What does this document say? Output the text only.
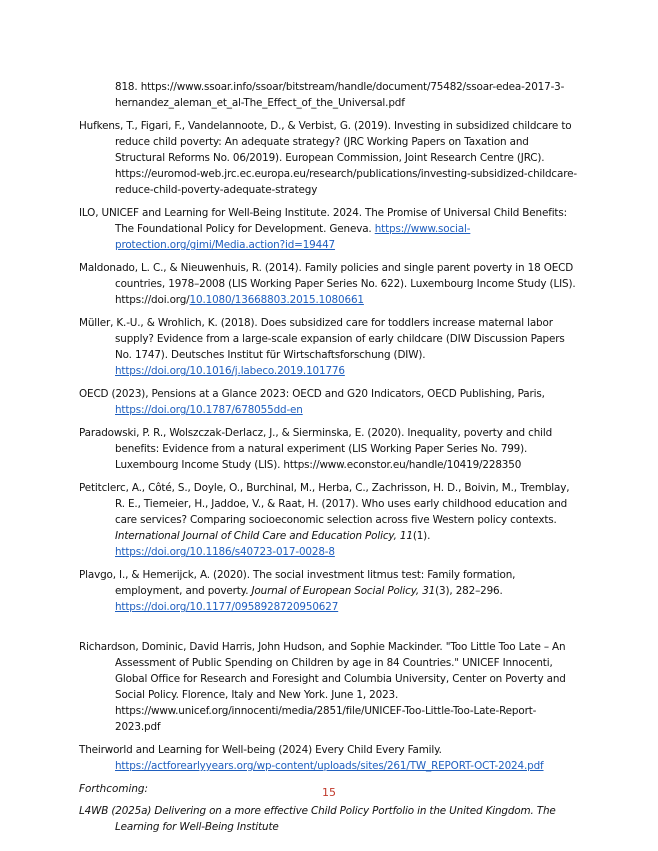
818. https://www.ssoar.info/ssoar/bitstream/handle/document/75482/ssoar-edea-2017-3-hernandez_aleman_et_al-The_Effect_of_the_Universal.pdf

Hufkens, T., Figari, F., Vandelannoote, D., & Verbist, G. (2019). Investing in subsidized childcare to reduce child poverty: An adequate strategy? (JRC Working Papers on Taxation and Structural Reforms No. 06/2019). European Commission, Joint Research Centre (JRC). https://euromod-web.jrc.ec.europa.eu/research/publications/investing-subsidized-childcare-reduce-child-poverty-adequate-strategy

ILO, UNICEF and Learning for Well-Being Institute. 2024. The Promise of Universal Child Benefits: The Foundational Policy for Development. Geneva. https://www.social-protection.org/gimi/Media.action?id=19447

Maldonado, L. C., & Nieuwenhuis, R. (2014). Family policies and single parent poverty in 18 OECD countries, 1978–2008 (LIS Working Paper Series No. 622). Luxembourg Income Study (LIS). https://doi.org/10.1080/13668803.2015.1080661

Müller, K.-U., & Wrohlich, K. (2018). Does subsidized care for toddlers increase maternal labor supply? Evidence from a large-scale expansion of early childcare (DIW Discussion Papers No. 1747). Deutsches Institut für Wirtschaftsforschung (DIW). https://doi.org/10.1016/j.labeco.2019.101776

OECD (2023), Pensions at a Glance 2023: OECD and G20 Indicators, OECD Publishing, Paris, https://doi.org/10.1787/678055dd-en

Paradowski, P. R., Wolszczak-Derlacz, J., & Sierminska, E. (2020). Inequality, poverty and child benefits: Evidence from a natural experiment (LIS Working Paper Series No. 799). Luxembourg Income Study (LIS). https://www.econstor.eu/handle/10419/228350

Petitclerc, A., Côté, S., Doyle, O., Burchinal, M., Herba, C., Zachrisson, H. D., Boivin, M., Tremblay, R. E., Tiemeier, H., Jaddoe, V., & Raat, H. (2017). Who uses early childhood education and care services? Comparing socioeconomic selection across five Western policy contexts. International Journal of Child Care and Education Policy, 11(1). https://doi.org/10.1186/s40723-017-0028-8

Plavgo, I., & Hemerijck, A. (2020). The social investment litmus test: Family formation, employment, and poverty. Journal of European Social Policy, 31(3), 282–296. https://doi.org/10.1177/0958928720950627

Richardson, Dominic, David Harris, John Hudson, and Sophie Mackinder. "Too Little Too Late – An Assessment of Public Spending on Children by age in 84 Countries." UNICEF Innocenti, Global Office for Research and Foresight and Columbia University, Center on Poverty and Social Policy. Florence, Italy and New York. June 1, 2023. https://www.unicef.org/innocenti/media/2851/file/UNICEF-Too-Little-Too-Late-Report-2023.pdf

Theirworld and Learning for Well-being (2024) Every Child Every Family. https://actforearlyyears.org/wp-content/uploads/sites/261/TW_REPORT-OCT-2024.pdf

Forthcoming:

L4WB (2025a) Delivering on a more effective Child Policy Portfolio in the United Kingdom. The Learning for Well-Being Institute

15
